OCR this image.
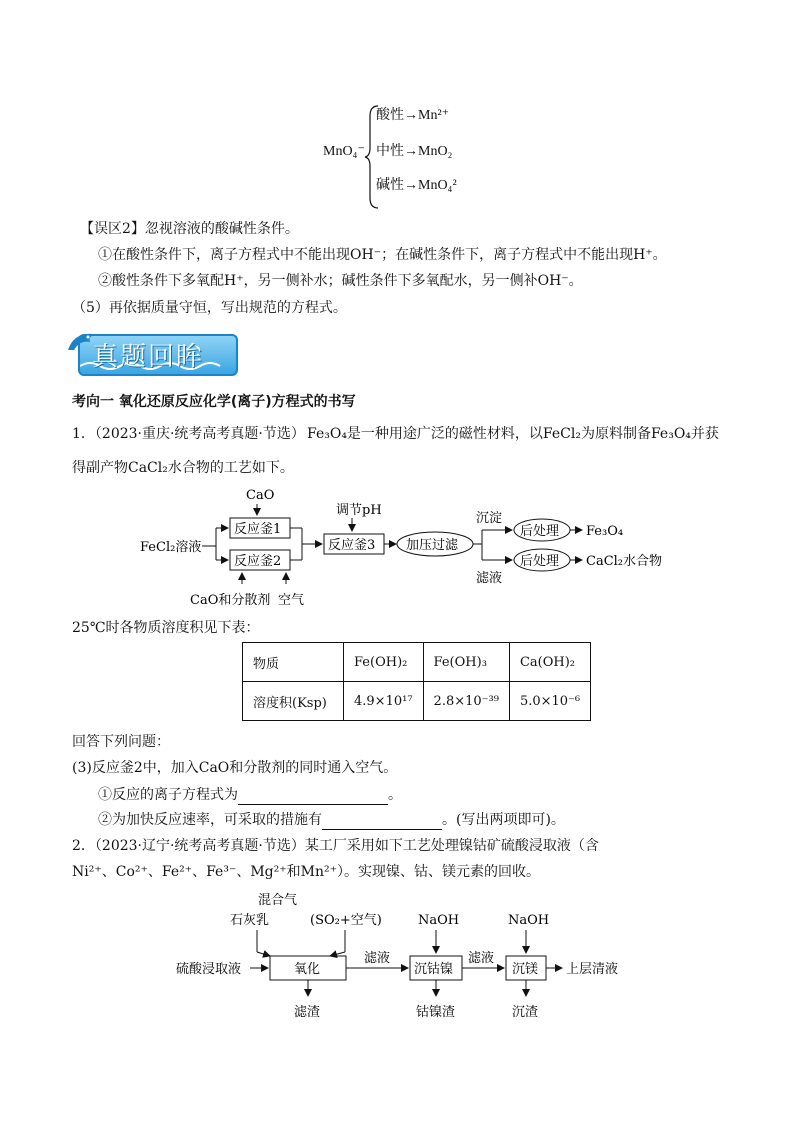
MnO₄⁻
酸性→Mn²⁺
中性→MnO₂
碱性→MnO₄²
【误区2】忽视溶液的酸碱性条件。
①在酸性条件下，离子方程式中不能出现OH⁻；在碱性条件下，离子方程式中不能出现H⁺。
②酸性条件下多氧配H⁺，另一侧补水；碱性条件下多氧配水，另一侧补OH⁻。
（5）再依据质量守恒，写出规范的方程式。
真题回眸
考向一 氧化还原反应化学(离子)方程式的书写
1．（2023·重庆·统考高考真题·节选） Fe₃O₄是一种用途广泛的磁性材料，以FeCl₂为原料制备Fe₃O₄并获
得副产物CaCl₂水合物的工艺如下。
CaO
FeCl₂溶液
反应釜1
反应釜2
调节pH
反应釜3 加压过滤
沉淀
滤液
后处理
后处理
Fe₃O₄
CaCl₂水合物
CaO和分散剂 空气
25℃时各物质溶度积见下表：
物质	Fe(OH)₂	Fe(OH)₃	Ca(OH)₂
溶度积(Ksp)	4.9×10¹⁷	2.8×10⁻³⁹	5.0×10⁻⁶
回答下列问题：
(3)反应釜2中，加入CaO和分散剂的同时通入空气。
①反应的离子方程式为	。
②为加快反应速率，可采取的措施有	。(写出两项即可)。
2．（2023·辽宁·统考高考真题·节选）某工厂采用如下工艺处理镍钴矿硫酸浸取液（含
Ni²⁺、Co²⁺、Fe²⁺、Fe³⁻、Mg²⁺和Mn²⁺）。实现镍、钴、镁元素的回收。
混合气
石灰乳	(SO₂+空气)	NaOH	NaOH
硫酸浸取液	氧化
滤液
沉钴镍
滤液
沉镁 上层清液
滤渣	钴镍渣	沉渣
